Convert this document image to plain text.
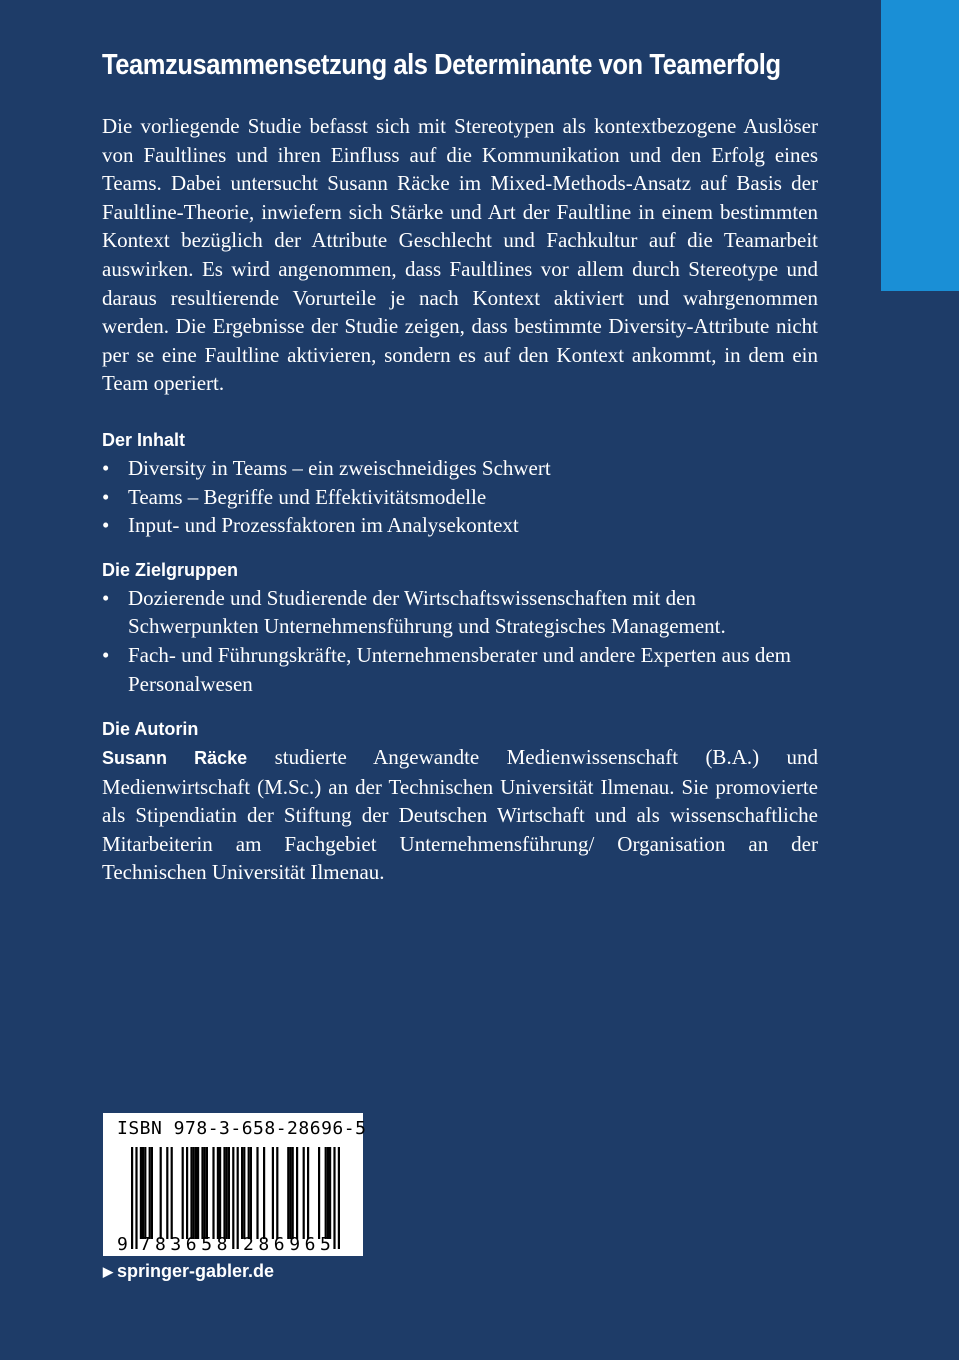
Teamzusammensetzung als Determinante von Teamerfolg

Die vorliegende Studie befasst sich mit Stereotypen als kontextbezogene Auslöser von Faultlines und ihren Einfluss auf die Kommunikation und den Erfolg eines Teams. Dabei untersucht Susann Räcke im Mixed-Methods-Ansatz auf Basis der Faultline-Theorie, inwiefern sich Stärke und Art der Faultline in einem bestimmten Kontext bezüglich der Attribute Geschlecht und Fachkultur auf die Teamarbeit auswirken. Es wird angenommen, dass Faultlines vor allem durch Stereotype und daraus resultierende Vorurteile je nach Kontext aktiviert und wahrgenommen werden. Die Ergebnisse der Studie zeigen, dass bestimmte Diversity-Attribute nicht per se eine Faultline aktivieren, sondern es auf den Kontext ankommt, in dem ein Team operiert.

Der Inhalt
• Diversity in Teams – ein zweischneidiges Schwert
• Teams – Begriffe und Effektivitätsmodelle
• Input- und Prozessfaktoren im Analysekontext
Die Zielgruppen
• Dozierende und Studierende der Wirtschaftswissenschaften mit den Schwerpunkten Unternehmensführung und Strategisches Management.
• Fach- und Führungskräfte, Unternehmensberater und andere Experten aus dem Personalwesen
Die Autorin

Susann Räcke studierte Angewandte Medienwissenschaft (B.A.) und Medienwirtschaft (M.Sc.) an der Technischen Universität Ilmenau. Sie promovierte als Stipendiatin der Stiftung der Deutschen Wirtschaft und als wissenschaftliche Mitarbeiterin am Fachgebiet Unternehmensführung/ Organisation an der Technischen Universität Ilmenau.

ISBN 978-3-658-28696-5
9 7 8 3 6 5 8 2 8 6 9 6 5
▶ springer-gabler.de
